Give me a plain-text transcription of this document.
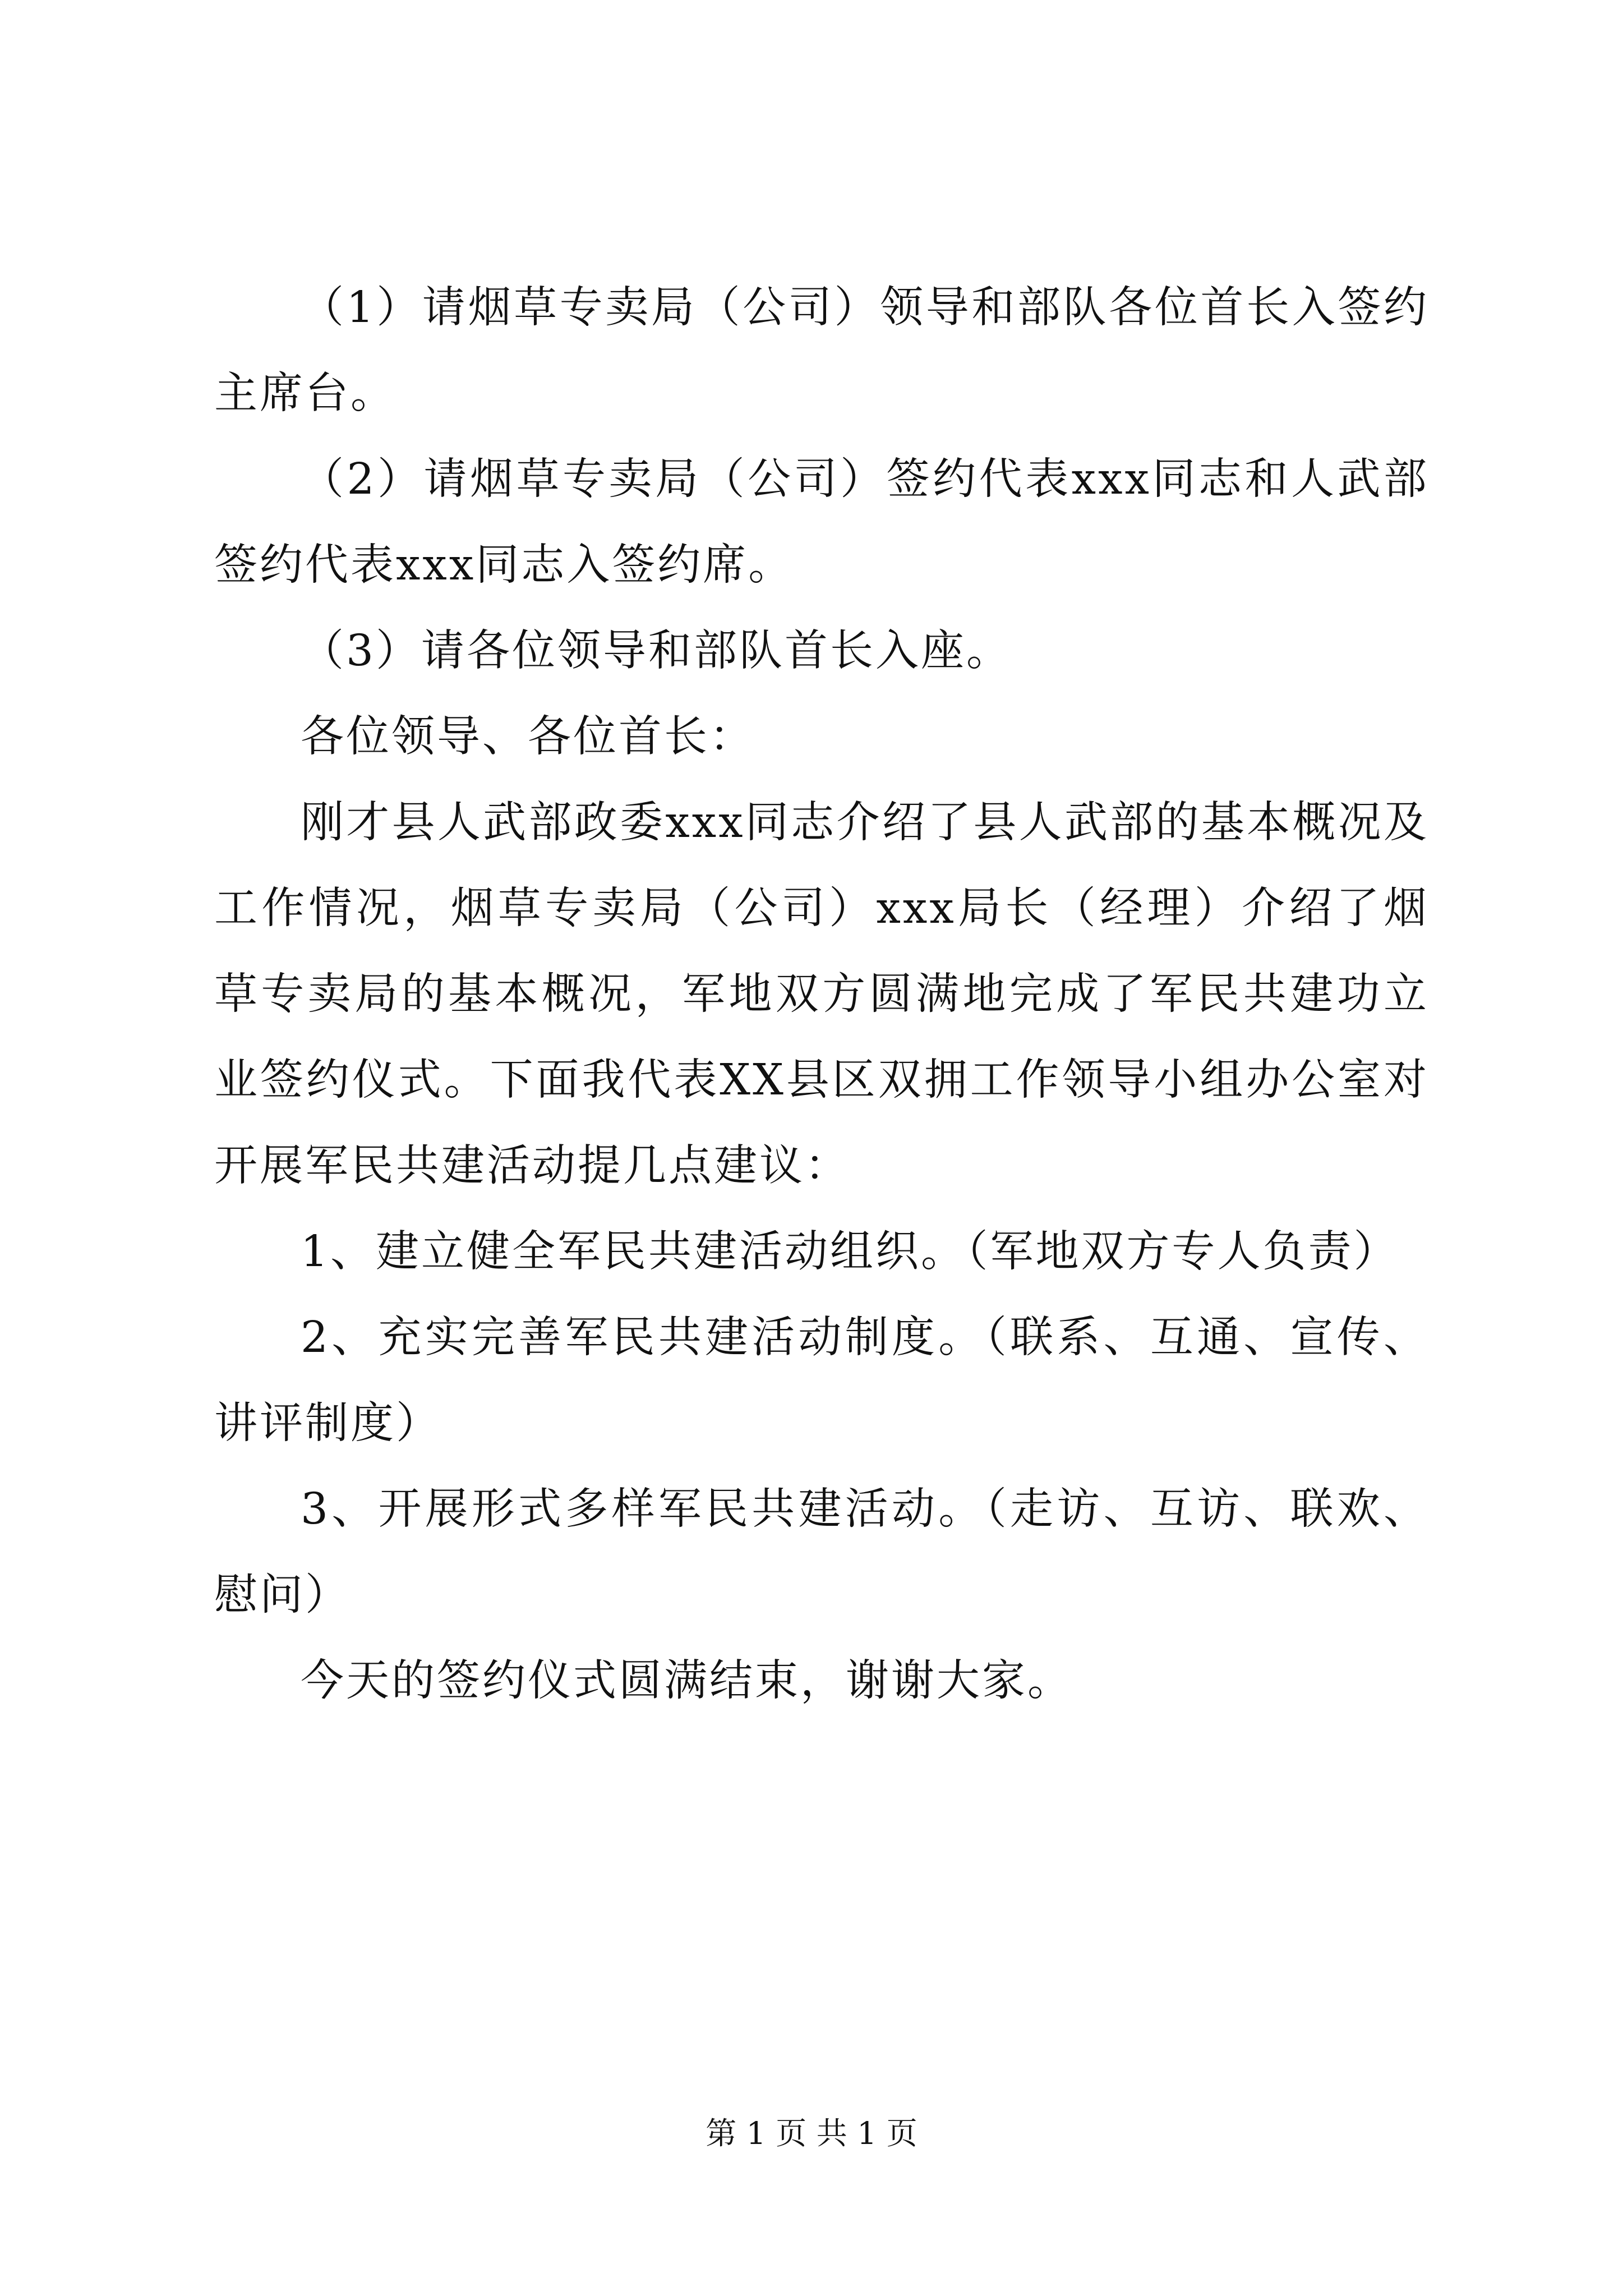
（1）请烟草专卖局（公司）领导和部队各位首长入签约主席台。

（2）请烟草专卖局（公司）签约代表xxx同志和人武部签约代表xxx同志入签约席。

（3）请各位领导和部队首长入座。

各位领导、各位首长：

刚才县人武部政委xxx同志介绍了县人武部的基本概况及工作情况，烟草专卖局（公司）xxx局长（经理）介绍了烟草专卖局的基本概况，军地双方圆满地完成了军民共建功立业签约仪式。下面我代表XX县区双拥工作领导小组办公室对开展军民共建活动提几点建议：

1、建立健全军民共建活动组织。（军地双方专人负责）

2、充实完善军民共建活动制度。（联系、互通、宣传、讲评制度）

3、开展形式多样军民共建活动。（走访、互访、联欢、慰问）

今天的签约仪式圆满结束，谢谢大家。

第 1 页 共 1 页
